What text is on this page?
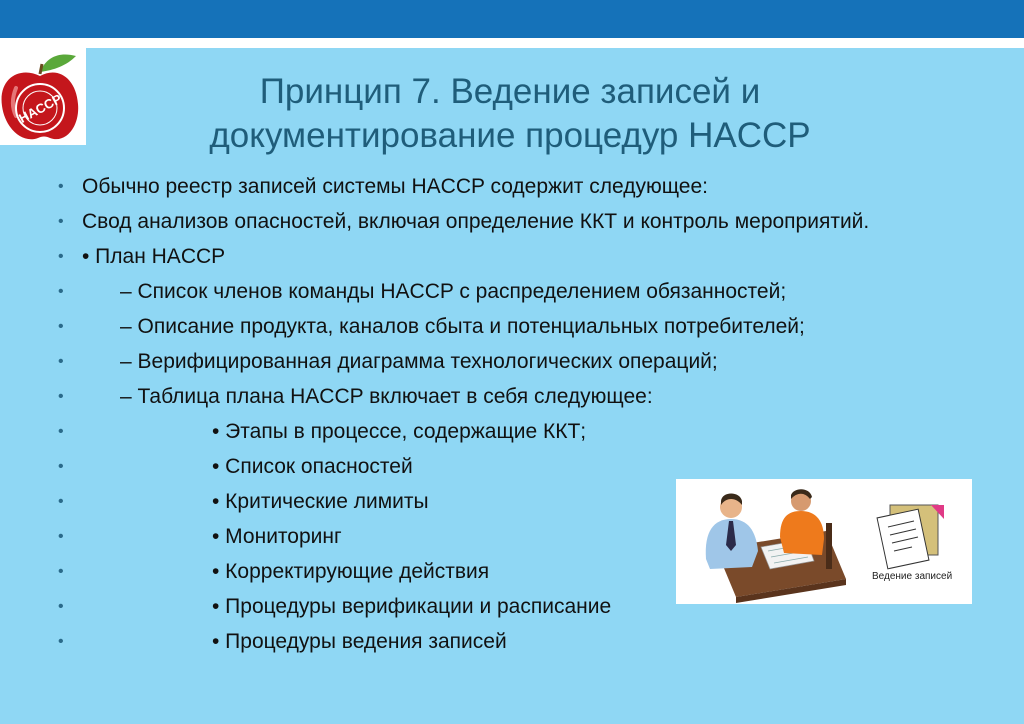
HACCP	Принцип 7. Ведение записей и
документирование процедур HACCP
• Обычно реестр записей системы HACCP содержит следующее:
• Свод анализов опасностей, включая определение ККТ и контроль мероприятий.
• • План HACCP
•	– Список членов команды HACCP с распределением обязанностей;
•	– Описание продукта, каналов сбыта и потенциальных потребителей;
•	– Верифицированная диаграмма технологических операций;
•	– Таблица плана HACCP включает в себя следующее:
•	• Этапы в процессе, содержащие ККТ;
•	• Список опасностей
•	• Критические лимиты
•	• Мониторинг
•	• Корректирующие действия
•	• Процедуры верификации и расписание
•	• Процедуры ведения записей
Ведение записей
